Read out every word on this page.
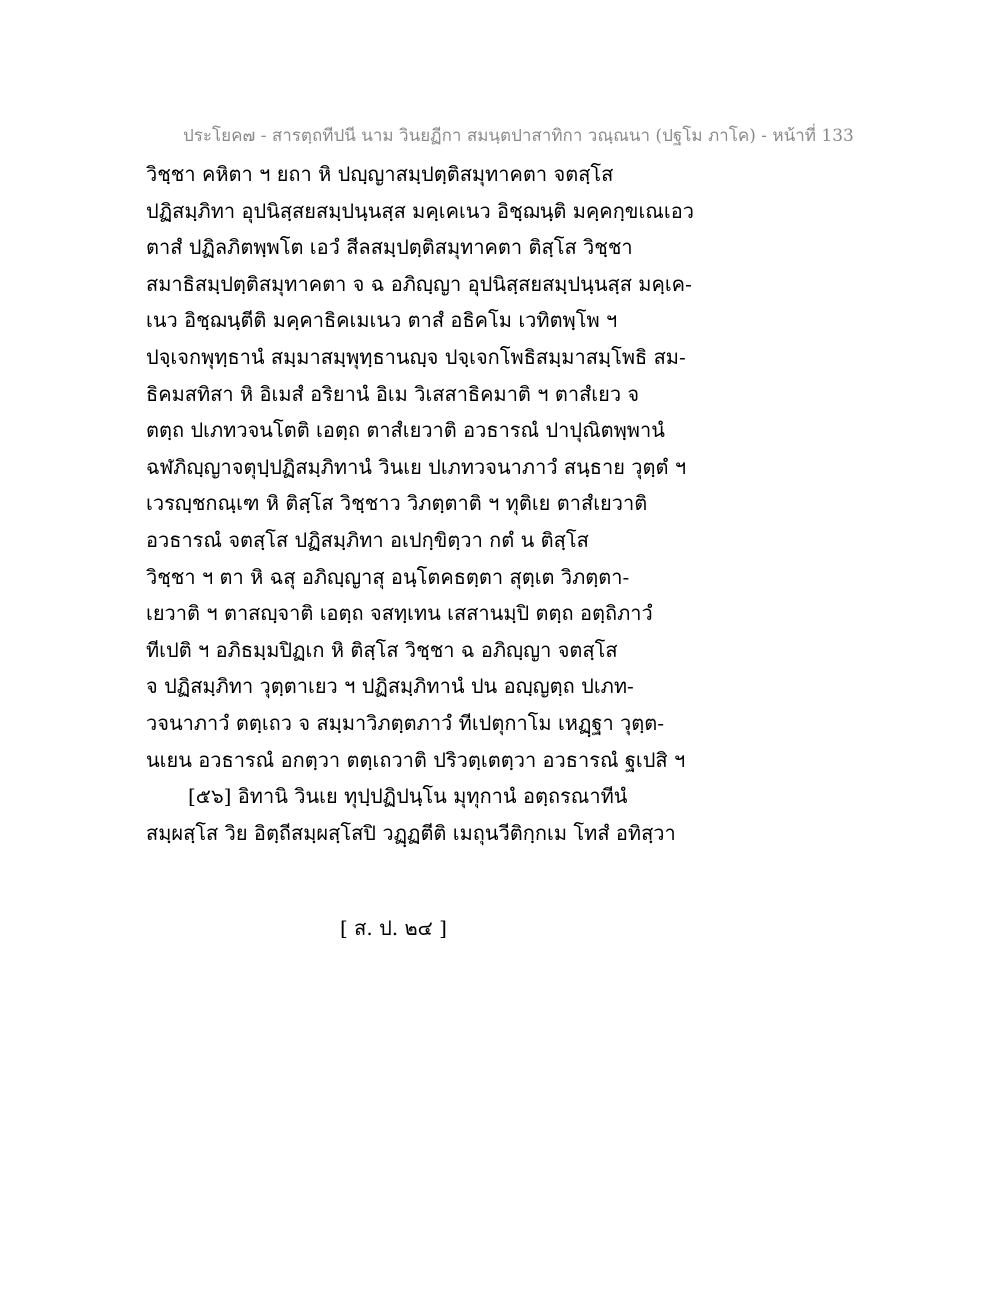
ประโยค๗ - สารตฺถทีปนี นาม วินยฏีกา สมนฺตปาสาทิกา วณฺณนา (ปฐโม ภาโค) - หน้าที่ 133
วิชฺชา คหิตา ฯ ยถา หิ ปญฺญาสมฺปตฺติสมุทาคตา จตสฺโส
ปฏิสมฺภิทา อุปนิสฺสยสมฺปนฺนสฺส มคฺเคเนว อิชฺฌนฺติ มคฺคกฺขเณเอว
ตาสํ ปฏิลภิตพฺพโต เอวํ สีลสมฺปตฺติสมุทาคตา ติสฺโส วิชฺชา
สมาธิสมฺปตฺติสมุทาคตา จ ฉ อภิญฺญา อุปนิสฺสยสมฺปนฺนสฺส มคฺเค-
เนว อิชฺฌนฺตีติ มคฺคาธิคเมเนว ตาสํ อธิคโม เวทิตพฺโพ ฯ
ปจฺเจกพุทฺธานํ สมฺมาสมฺพุทฺธานญฺจ ปจฺเจกโพธิสมฺมาสมฺโพธิ สม-
ธิคมสทิสา หิ อิเมสํ อริยานํ อิเม วิเสสาธิคมาติ ฯ ตาสํเยว จ
ตตฺถ ปเภทวจนโตติ เอตฺถ ตาสํเยวาติ อวธารณํ ปาปุณิตพฺพานํ
ฉฬภิญฺญาจตุปฺปฏิสมฺภิทานํ วินเย ปเภทวจนาภาวํ สนฺธาย วุตฺตํ ฯ
เวรญฺชกณฺเฑ หิ ติสฺโส วิชฺชาว วิภตฺตาติ ฯ ทุติเย ตาสํเยวาติ
อวธารณํ จตสฺโส ปฏิสมฺภิทา อเปกฺขิตฺวา กตํ น ติสฺโส
วิชฺชา ฯ ตา หิ ฉสุ อภิญฺญาสุ อนฺโตคธตฺตา สุตฺเต วิภตฺตา-
เยวาติ ฯ ตาสญฺจาติ เอตฺถ จสทฺเทน เสสานมฺปิ ตตฺถ อตฺถิภาวํ
ทีเปติ ฯ อภิธมฺมปิฏเก หิ ติสฺโส วิชฺชา ฉ อภิญฺญา จตสฺโส
จ ปฏิสมฺภิทา วุตฺตาเยว ฯ ปฏิสมฺภิทานํ ปน อญฺญตฺถ ปเภท-
วจนาภาวํ ตตฺเถว จ สมฺมาวิภตฺตภาวํ ทีเปตุกาโม เหฏฺฐา วุตฺต-
นเยน อวธารณํ อกตฺวา ตตฺเถวาติ ปริวตฺเตตฺวา อวธารณํ ฐเปสิ ฯ
[๕๖] อิทานิ วินเย ทุปฺปฏิปนฺโน มุทุกานํ อตฺถรณาทีนํ
สมฺผสฺโส วิย อิตฺถีสมฺผสฺโสปิ วฏฺฏตีติ เมถุนวีติกฺกเม โทสํ อทิสฺวา
[ ส. ป. ๒๔ ]
